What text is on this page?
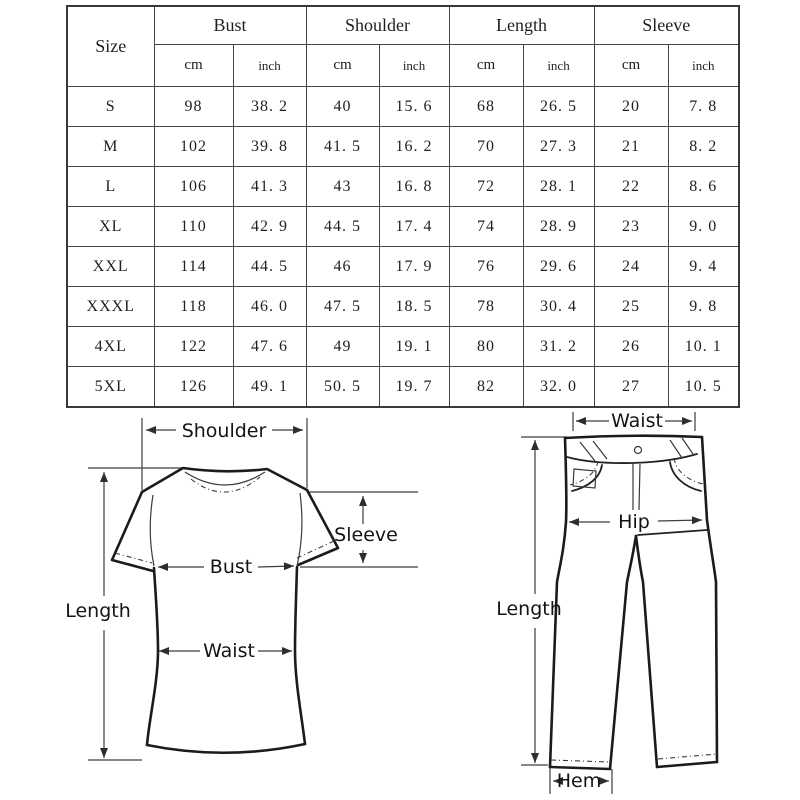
Size	Bust		Shoulder		Length		Sleeve	
	cm	inch	cm	inch	cm	inch	cm	inch
S	98	38. 2	40	15. 6	68	26. 5	20	7. 8
M	102	39. 8	41. 5	16. 2	70	27. 3	21	8. 2
L	106	41. 3	43	16. 8	72	28. 1	22	8. 6
XL	110	42. 9	44. 5	17. 4	74	28. 9	23	9. 0
XXL	114	44. 5	46	17. 9	76	29. 6	24	9. 4
XXXL	118	46. 0	47. 5	18. 5	78	30. 4	25	9. 8
4XL	122	47. 6	49	19. 1	80	31. 2	26	10. 1
5XL	126	49. 1	50. 5	19. 7	82	32. 0	27	10. 5
Shoulder
Length
Sleeve
Bust
Waist
Waist
Length
Hip
Hem
